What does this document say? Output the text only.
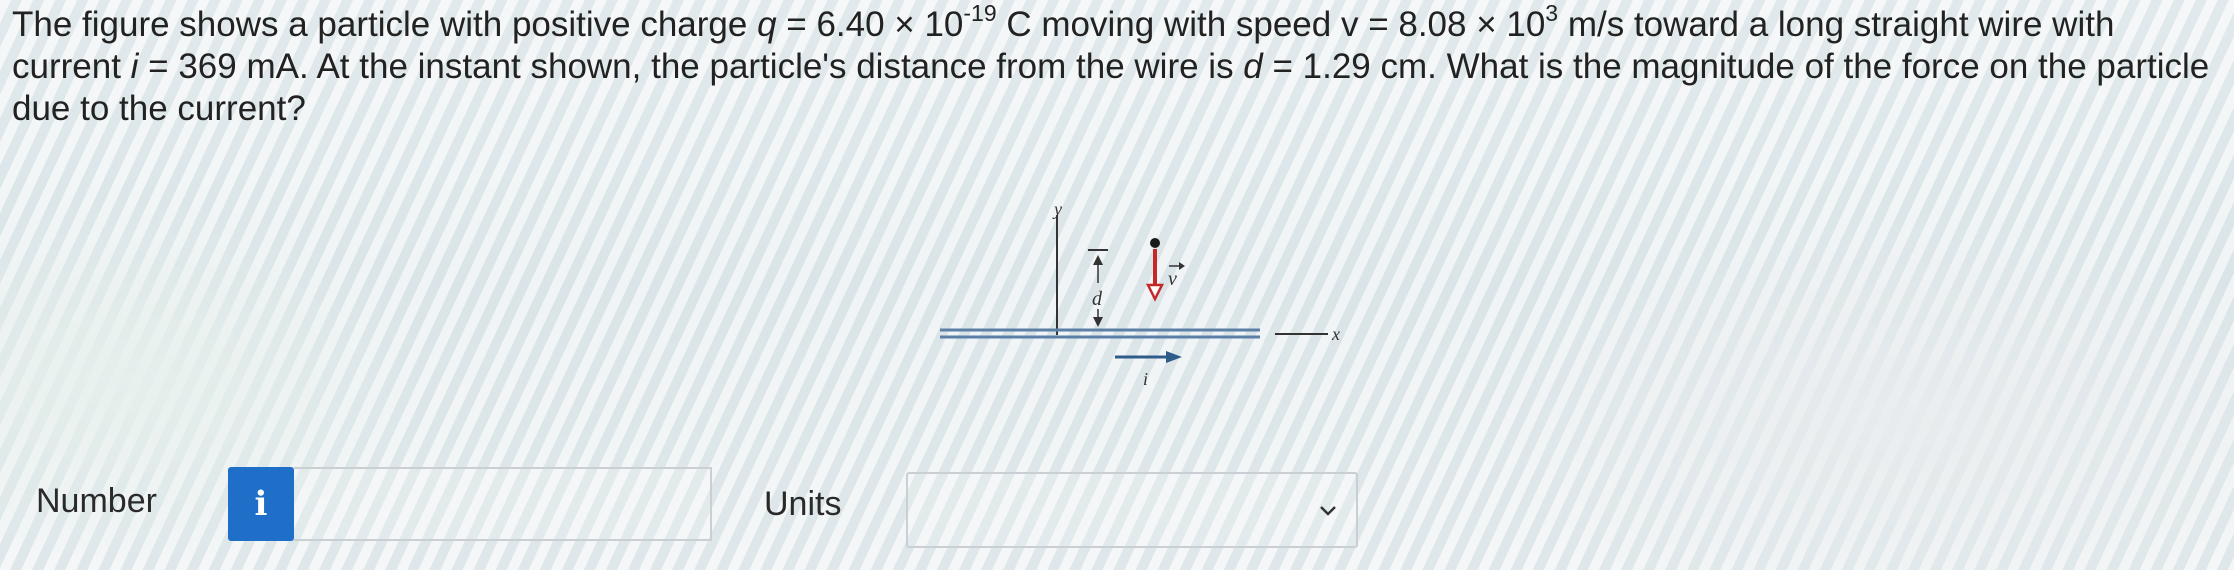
The figure shows a particle with positive charge $q = 6.40 \times 10^{-19}$ C moving with speed $v = 8.08 \times 10^3$ m/s toward a long straight wire with current i = 369 mA. At the instant shown, the particle's distance from the wire is d = 1.29 cm. What is the magnitude of the force on the particle due to the current?
y
x
d
v
i
Number	i	Units
